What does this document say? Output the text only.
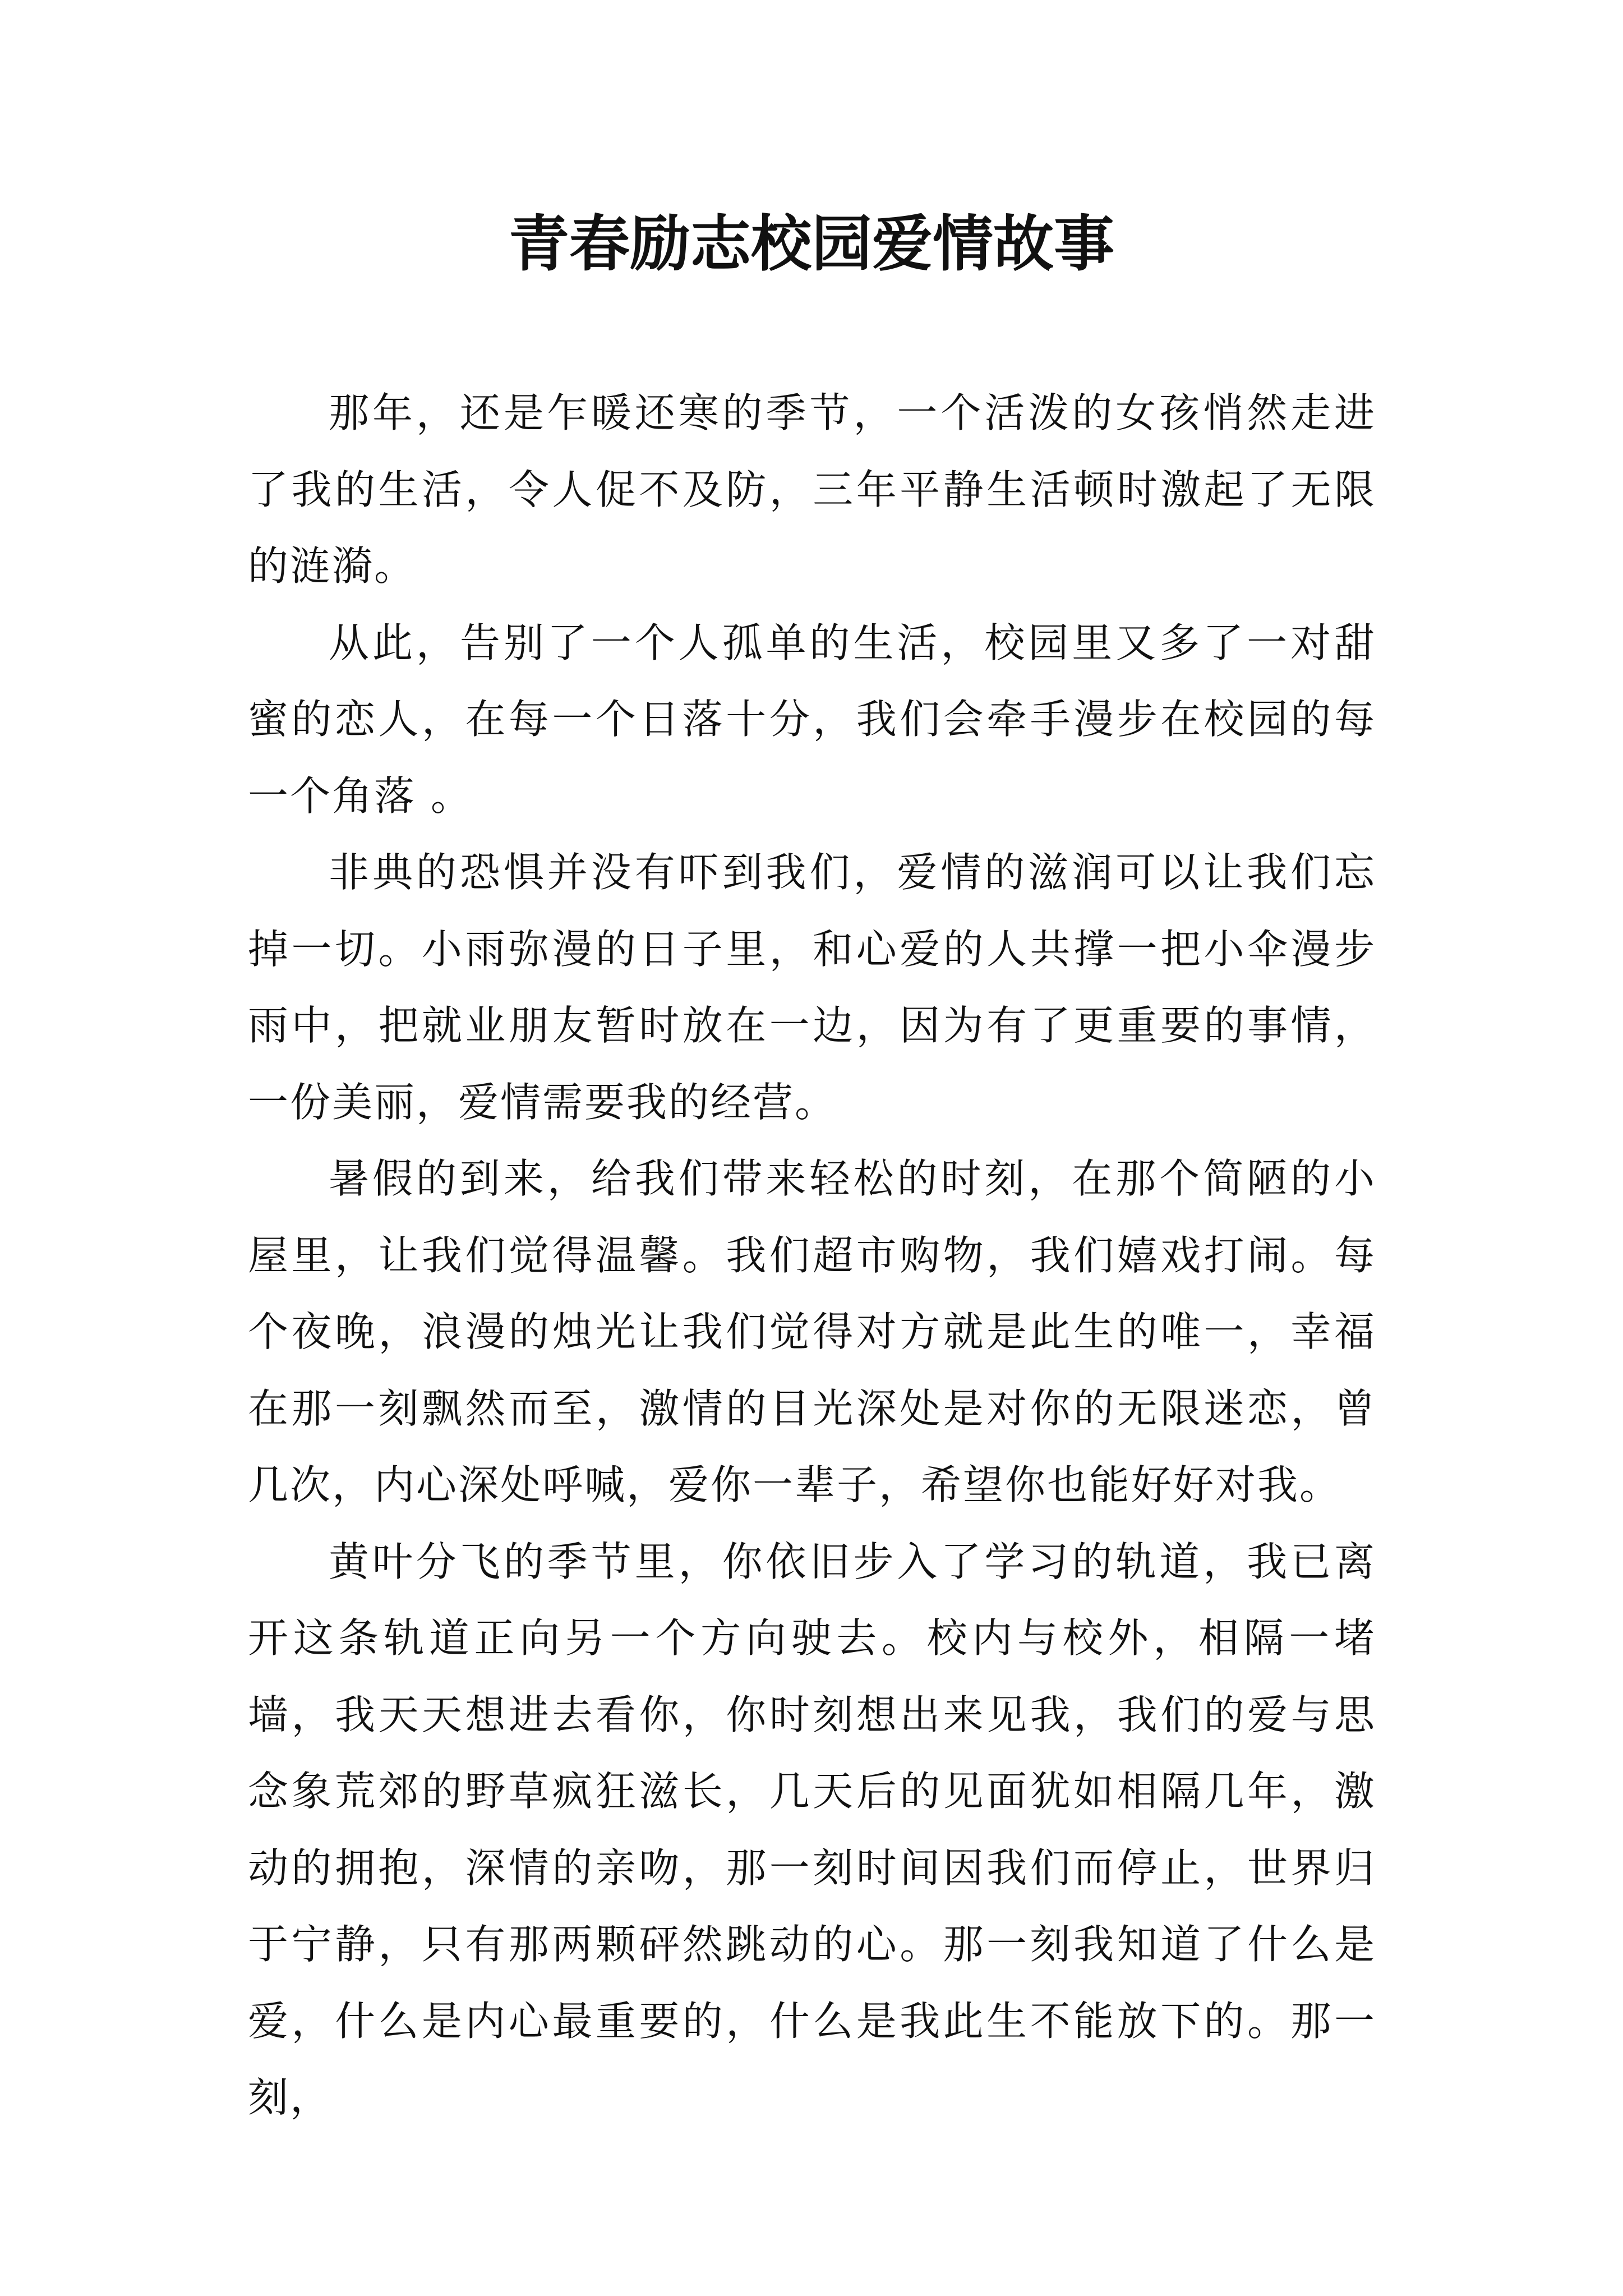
青春励志校园爱情故事

那年，还是乍暖还寒的季节，一个活泼的女孩悄然走进了我的生活，令人促不及防，三年平静生活顿时激起了无限的涟漪。

从此，告别了一个人孤单的生活，校园里又多了一对甜蜜的恋人，在每一个日落十分，我们会牵手漫步在校园的每一个角落 。

非典的恐惧并没有吓到我们，爱情的滋润可以让我们忘掉一切。小雨弥漫的日子里，和心爱的人共撑一把小伞漫步雨中，把就业朋友暂时放在一边，因为有了更重要的事情，一份美丽，爱情需要我的经营。

暑假的到来，给我们带来轻松的时刻，在那个简陋的小屋里，让我们觉得温馨。我们超市购物，我们嬉戏打闹。每个夜晚，浪漫的烛光让我们觉得对方就是此生的唯一，幸福在那一刻飘然而至，激情的目光深处是对你的无限迷恋，曾几次，内心深处呼喊，爱你一辈子，希望你也能好好对我。

黄叶分飞的季节里，你依旧步入了学习的轨道，我已离开这条轨道正向另一个方向驶去。校内与校外，相隔一堵墙，我天天想进去看你，你时刻想出来见我，我们的爱与思念象荒郊的野草疯狂滋长，几天后的见面犹如相隔几年，激动的拥抱，深情的亲吻，那一刻时间因我们而停止，世界归于宁静，只有那两颗砰然跳动的心。那一刻我知道了什么是爱，什么是内心最重要的，什么是我此生不能放下的。那一刻，
